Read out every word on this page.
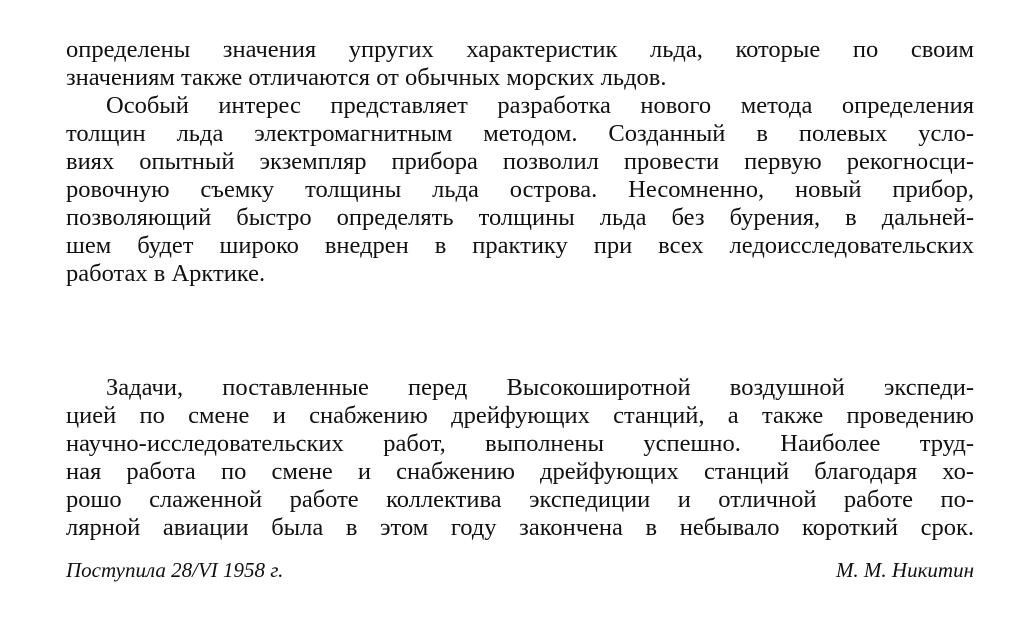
определены значения упругих характеристик льда, которые по своим
значениям также отличаются от обычных морских льдов.
Особый интерес представляет разработка нового метода определения
толщин льда электромагнитным методом. Созданный в полевых усло-
виях опытный экземпляр прибора позволил провести первую рекогносци-
ровочную съемку толщины льда острова. Несомненно, новый прибор,
позволяющий быстро определять толщины льда без бурения, в дальней-
шем будет широко внедрен в практику при всех ледоисследовательских
работах в Арктике.
Задачи, поставленные перед Высокоширотной воздушной экспеди-
цией по смене и снабжению дрейфующих станций, а также проведению
научно-исследовательских работ, выполнены успешно. Наиболее труд-
ная работа по смене и снабжению дрейфующих станций благодаря хо-
рошо слаженной работе коллектива экспедиции и отличной работе по-
лярной авиации была в этом году закончена в небывало короткий срок.
Поступила 28/VI 1958 г.	М. М. Никитин
